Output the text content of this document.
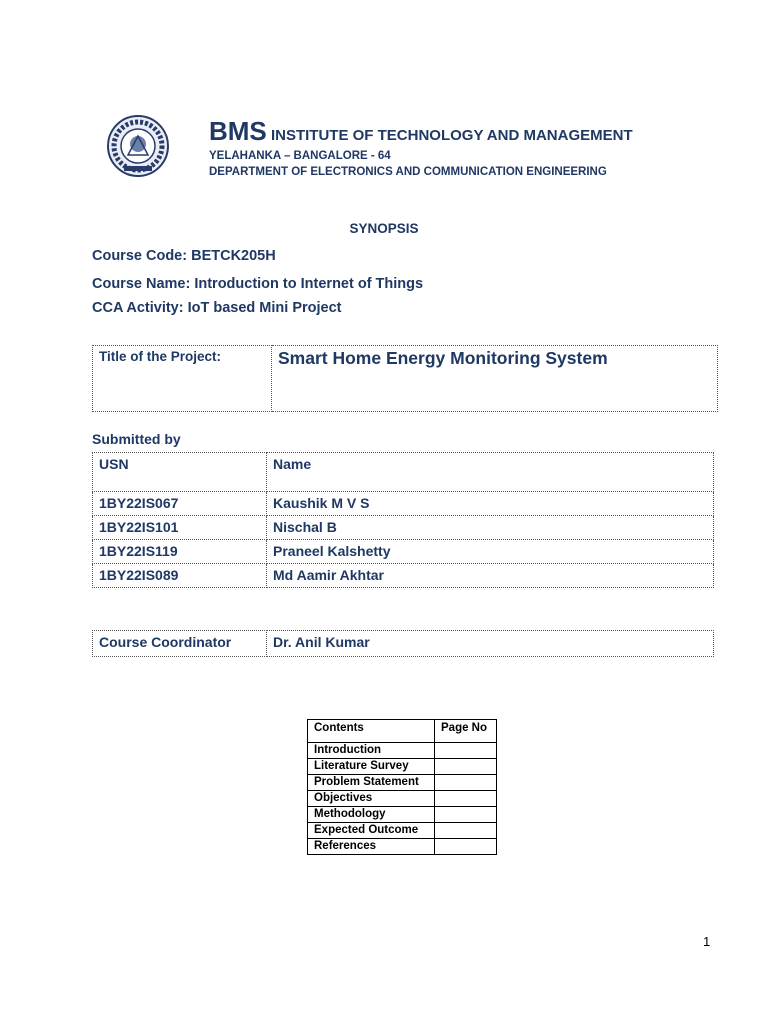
BMS INSTITUTE OF TECHNOLOGY AND MANAGEMENT
YELAHANKA – BANGALORE - 64
DEPARTMENT OF ELECTRONICS AND COMMUNICATION ENGINEERING
SYNOPSIS
Course Code: BETCK205H
Course Name: Introduction to Internet of Things
CCA Activity: IoT based Mini Project
Title of the Project:	Smart Home Energy Monitoring System
Submitted by
USN	Name
1BY22IS067	Kaushik M V S
1BY22IS101	Nischal B
1BY22IS119	Praneel Kalshetty
1BY22IS089	Md Aamir Akhtar
Course Coordinator	Dr. Anil Kumar
Contents	Page No
Introduction	
Literature Survey	
Problem Statement	
Objectives	
Methodology	
Expected Outcome	
References	
1
